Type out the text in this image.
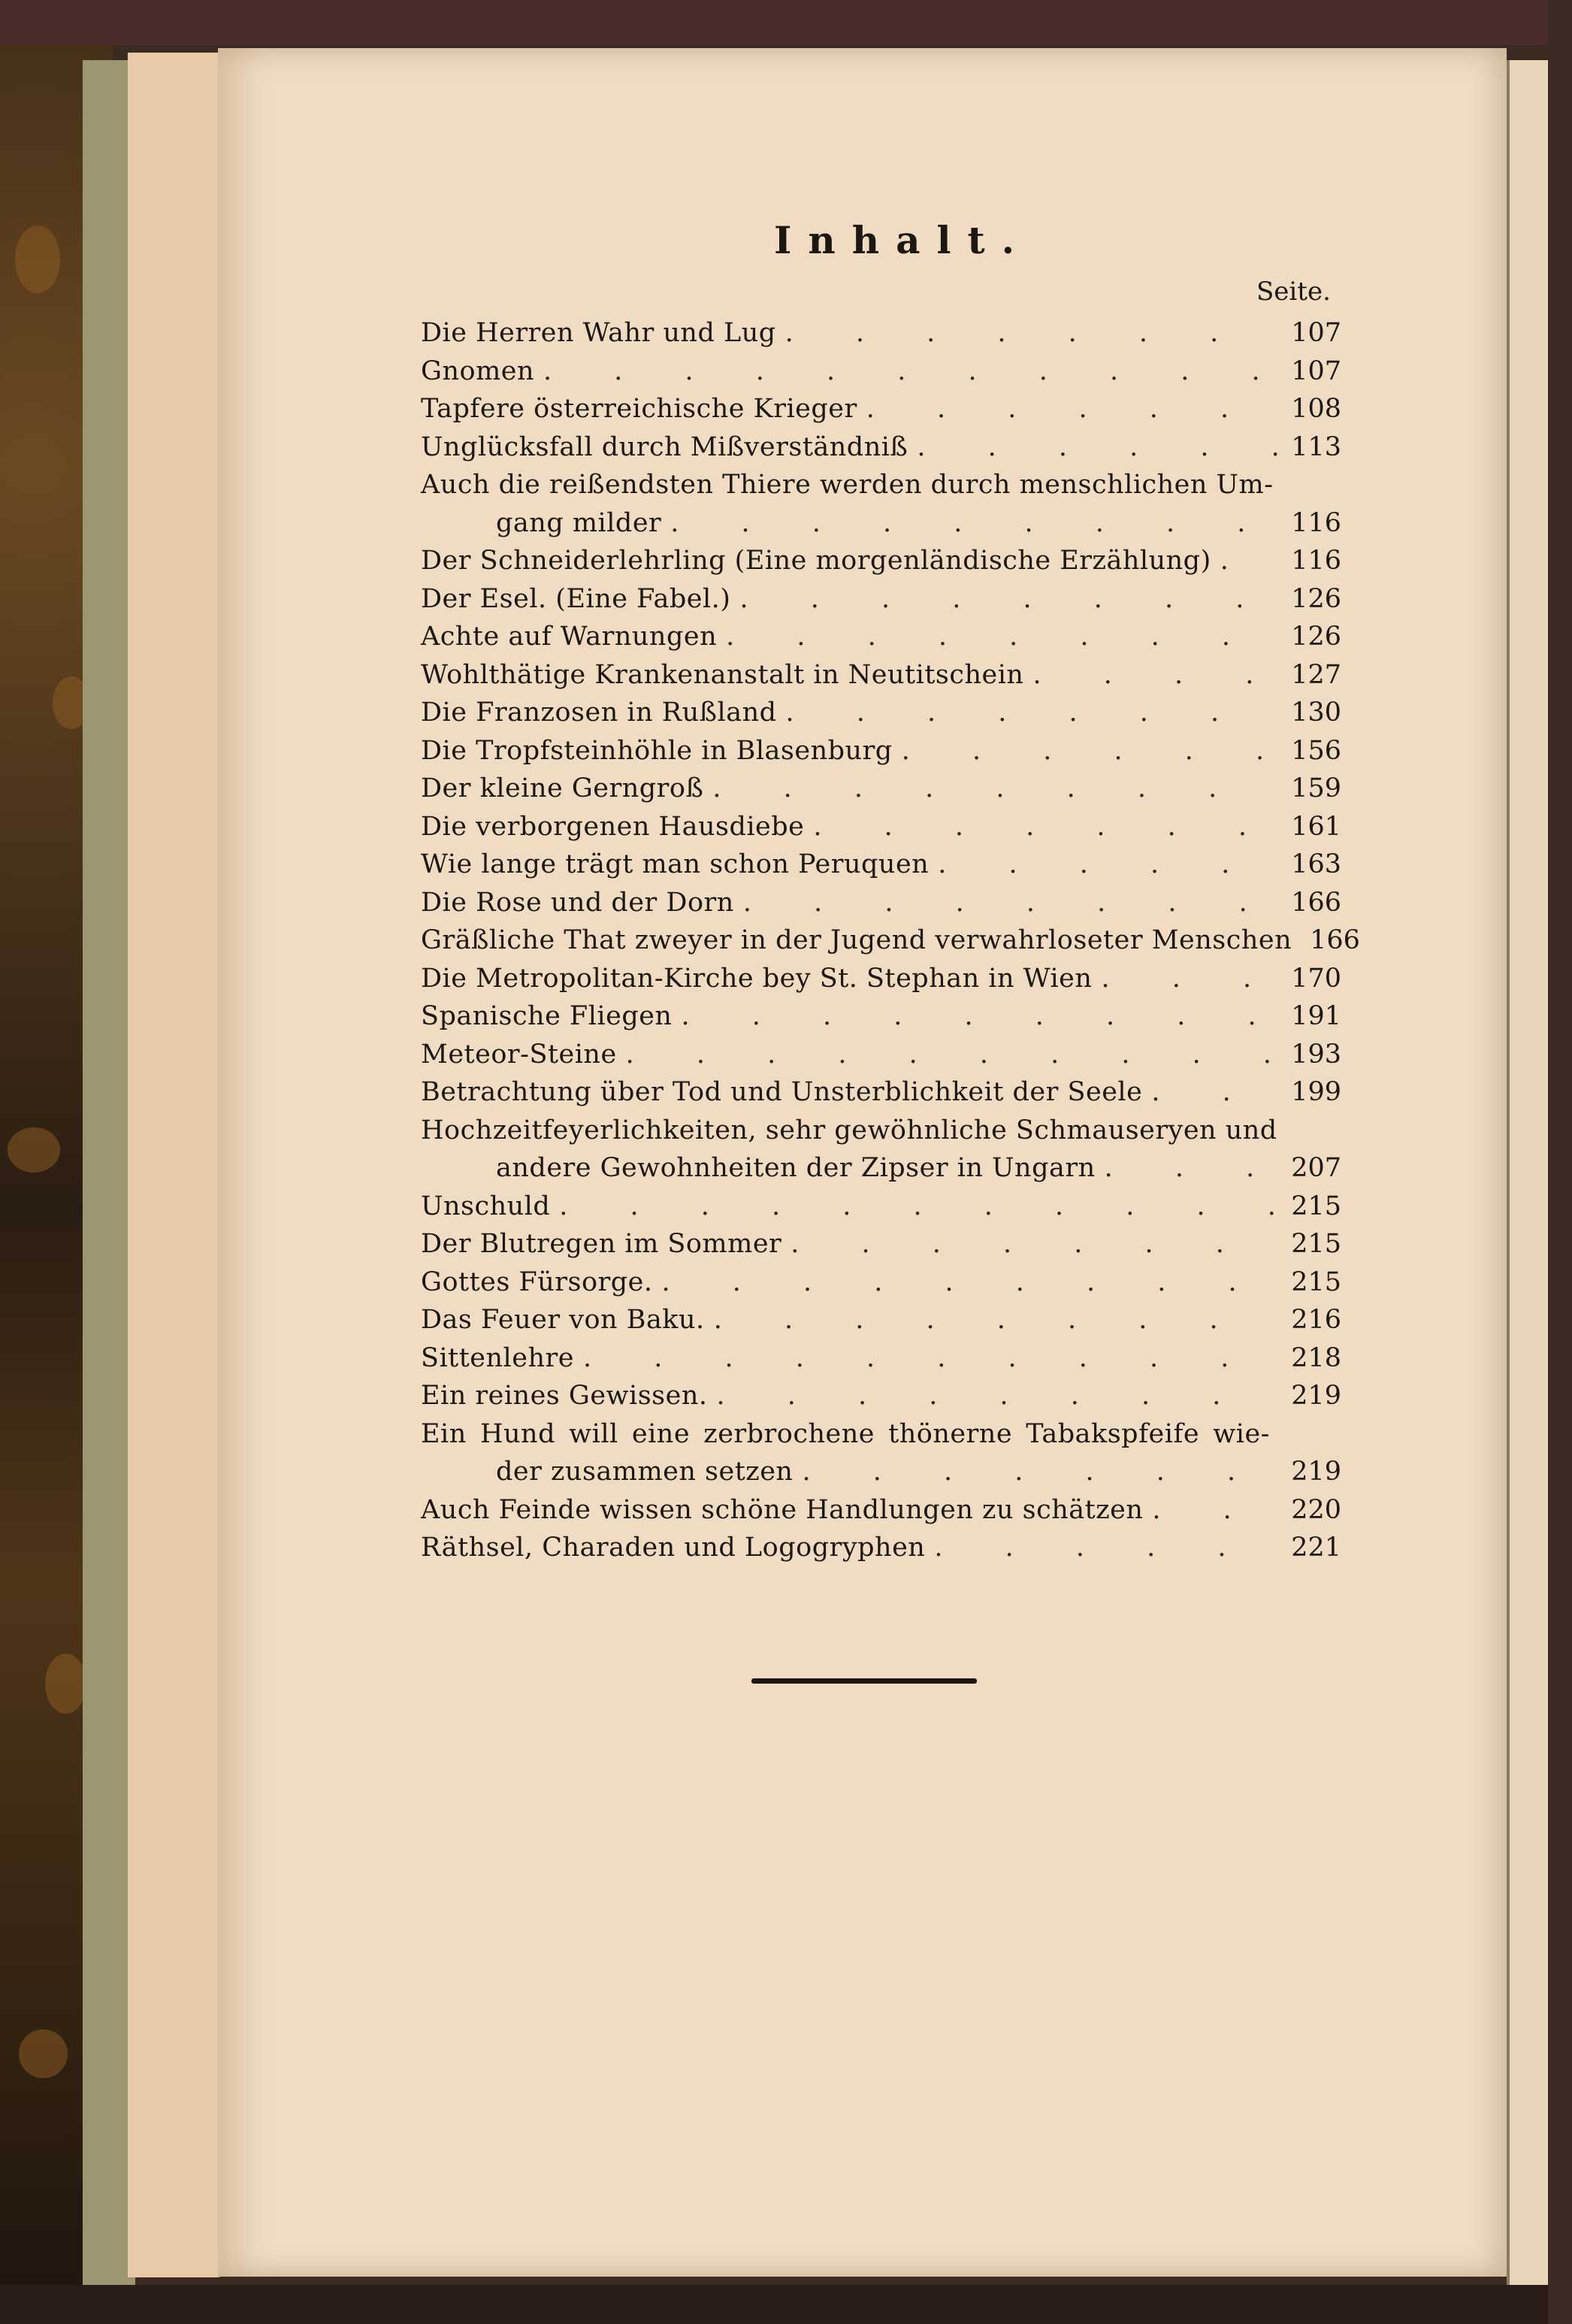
Inhalt.
Seite.
Die Herren Wahr und Lug . . .	107
Gnomen . . .	107
Tapfere österreichische Krieger . . .	108
Unglücksfall durch Mißverständniß . . .	113
Auch die reißendsten Thiere werden durch menschlichen Um-
gang milder . . .	116
Der Schneiderlehrling (Eine morgenländische Erzählung) . . .	116
Der Esel. (Eine Fabel.) . . .	126
Achte auf Warnungen . . .	126
Wohlthätige Krankenanstalt in Neutitschein . . .	127
Die Franzosen in Rußland . . .	130
Die Tropfsteinhöhle in Blasenburg . . .	156
Der kleine Gerngroß . . .	159
Die verborgenen Hausdiebe . . .	161
Wie lange trägt man schon Peruquen . . .	163
Die Rose und der Dorn . . .	166
Gräßliche That zweyer in der Jugend verwahrloseter Menschen 166
Die Metropolitan-Kirche bey St. Stephan in Wien . . .	170
Spanische Fliegen . . .	191
Meteor-Steine . . .	193
Betrachtung über Tod und Unsterblichkeit der Seele . . .	199
Hochzeitfeyerlichkeiten, sehr gewöhnliche Schmauseryen und
andere Gewohnheiten der Zipser in Ungarn . . .	207
Unschuld . . .	215
Der Blutregen im Sommer . . .	215
Gottes Fürsorge. . . .	215
Das Feuer von Baku. . . .	216
Sittenlehre . . .	218
Ein reines Gewissen. . . .	219
Ein Hund will eine zerbrochene thönerne Tabakspfeife wie-
der zusammen setzen . . .	219
Auch Feinde wissen schöne Handlungen zu schätzen . . .	220
Räthsel, Charaden und Logogryphen . . .	221
